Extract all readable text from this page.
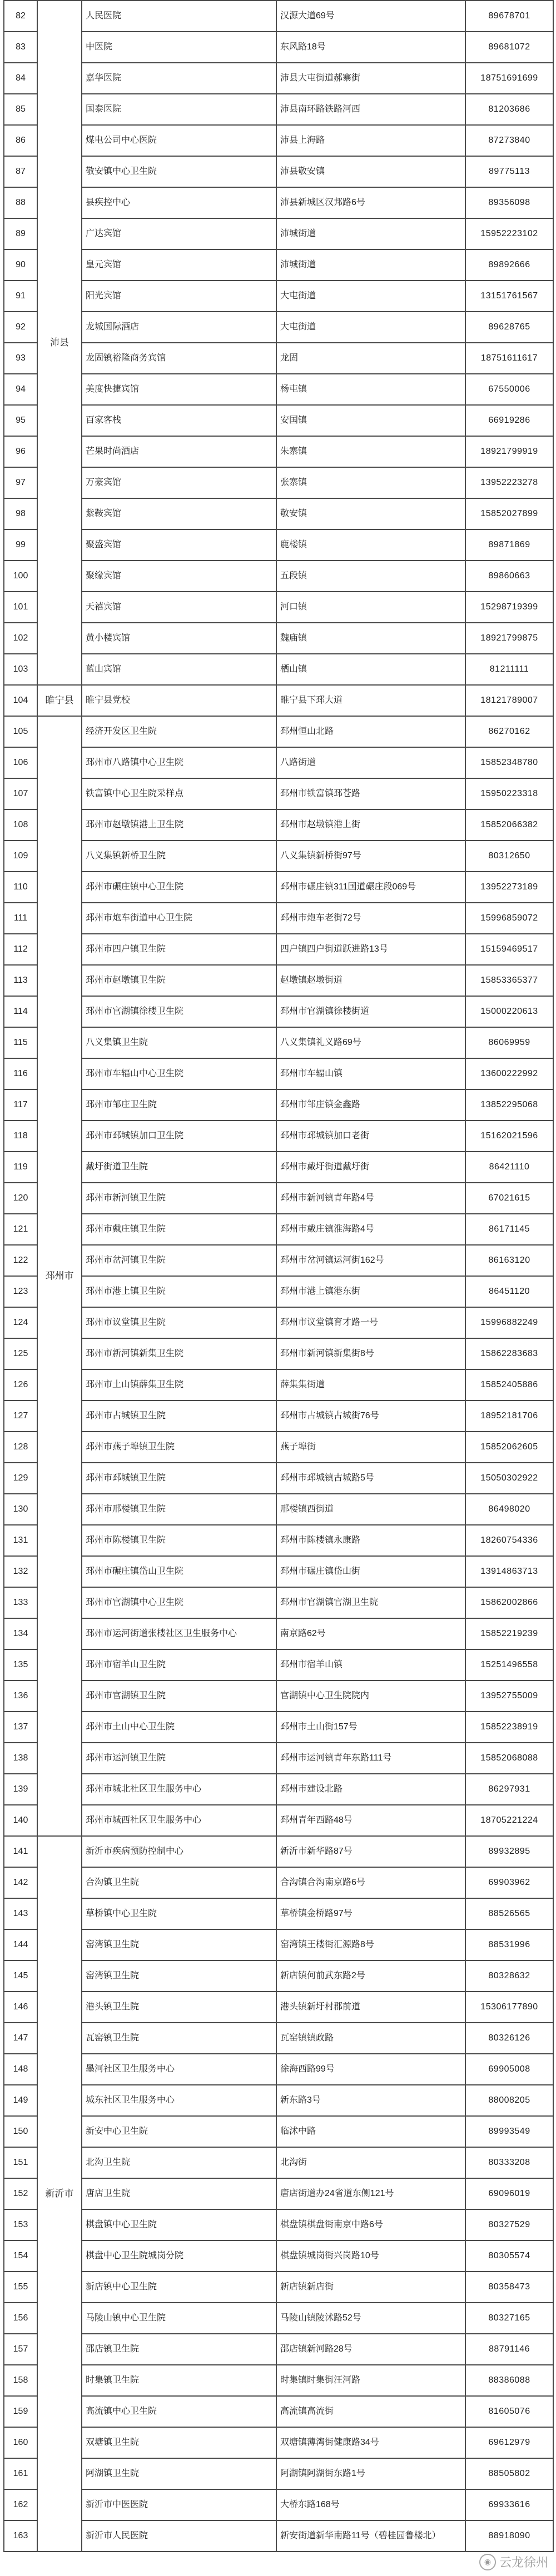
82	沛县	人民医院	汉源大道69号	89678701
83		中医院	东风路18号	89681072
84		嘉华医院	沛县大屯街道郝寨街	18751691699
85		国泰医院	沛县南环路铁路河西	81203686
86		煤电公司中心医院	沛县上海路	87273840
87		敬安镇中心卫生院	沛县敬安镇	89775113
88		县疾控中心	沛县新城区汉邦路6号	89356098
89		广达宾馆	沛城街道	15952223102
90		皇元宾馆	沛城街道	89892666
91		阳光宾馆	大屯街道	13151761567
92		龙城国际酒店	大屯街道	89628765
93		龙固镇裕隆商务宾馆	龙固	18751611617
94		美度快捷宾馆	杨屯镇	67550006
95		百家客栈	安国镇	66919286
96		芒果时尚酒店	朱寨镇	18921799919
97		万豪宾馆	张寨镇	13952223278
98		紫鞍宾馆	敬安镇	15852027899
99		聚盛宾馆	鹿楼镇	89871869
100		聚缘宾馆	五段镇	89860663
101		天禧宾馆	河口镇	15298719399
102		黄小楼宾馆	魏庙镇	18921799875
103		蓝山宾馆	栖山镇	81211111
104	睢宁县	睢宁县党校	睢宁县下邳大道	18121789007
105	邳州市	经济开发区卫生院	邳州恒山北路	86270162
106		邳州市八路镇中心卫生院	八路街道	15852348780
107		铁富镇中心卫生院采样点	邳州市铁富镇邳苍路	15950223318
108		邳州市赵墩镇港上卫生院	邳州市赵墩镇港上街	15852066382
109		八义集镇新桥卫生院	八义集镇新桥街97号	80312650
110		邳州市碾庄镇中心卫生院	邳州市碾庄镇311国道碾庄段069号	13952273189
111		邳州市炮车街道中心卫生院	邳州市炮车老街72号	15996859072
112		邳州市四户镇卫生院	四户镇四户街道跃进路13号	15159469517
113		邳州市赵墩镇卫生院	赵墩镇赵墩街道	15853365377
114		邳州市官湖镇徐楼卫生院	邳州市官湖镇徐楼街道	15000220613
115		八义集镇卫生院	八义集镇礼义路69号	86069959
116		邳州市车辐山中心卫生院	邳州市车辐山镇	13600222992
117		邳州市邹庄卫生院	邳州市邹庄镇金鑫路	13852295068
118		邳州市邳城镇加口卫生院	邳州市邳城镇加口老街	15162021596
119		戴圩街道卫生院	邳州市戴圩街道戴圩街	86421110
120		邳州市新河镇卫生院	邳州市新河镇青年路4号	67021615
121		邳州市戴庄镇卫生院	邳州市戴庄镇淮海路4号	86171145
122		邳州市岔河镇卫生院	邳州市岔河镇运河街162号	86163120
123		邳州市港上镇卫生院	邳州市港上镇港东街	86451120
124		邳州市议堂镇卫生院	邳州市议堂镇育才路一号	15996882249
125		邳州市新河镇新集卫生院	邳州市新河镇新集街8号	15862283683
126		邳州市土山镇薛集卫生院	薛集集街道	15852405886
127		邳州市占城镇卫生院	邳州市占城镇占城街76号	18952181706
128		邳州市燕子埠镇卫生院	燕子埠街	15852062605
129		邳州市邳城镇卫生院	邳州市邳城镇古城路5号	15050302922
130		邳州市邢楼镇卫生院	邢楼镇西街道	86498020
131		邳州市陈楼镇卫生院	邳州市陈楼镇永康路	18260754336
132		邳州市碾庄镇岱山卫生院	邳州市碾庄镇岱山街	13914863713
133		邳州市官湖镇中心卫生院	邳州市官湖镇官湖卫生院	15862002866
134		邳州市运河街道张楼社区卫生服务中心	南京路62号	15852219239
135		邳州市宿羊山卫生院	邳州市宿羊山镇	15251496558
136		邳州市官湖镇卫生院	官湖镇中心卫生院院内	13952755009
137		邳州市土山中心卫生院	邳州市土山街157号	15852238919
138		邳州市运河镇卫生院	邳州市运河镇青年东路111号	15852068088
139		邳州市城北社区卫生服务中心	邳州市建设北路	86297931
140		邳州市城西社区卫生服务中心	邳州青年西路48号	18705221224
141	新沂市	新沂市疾病预防控制中心	新沂市新华路87号	89932895
142		合沟镇卫生院	合沟镇合沟南京路6号	69903962
143		草桥镇中心卫生院	草桥镇金桥路97号	88526565
144		窑湾镇卫生院	窑湾镇王楼街汇源路8号	88531996
145		窑湾镇卫生院	新店镇何前武东路2号	80328632
146		港头镇卫生院	港头镇新圩村郡前道	15306177890
147		瓦窑镇卫生院	瓦窑镇镇政路	80326126
148		墨河社区卫生服务中心	徐海西路99号	69905008
149		城东社区卫生服务中心	新东路3号	88008205
150		新安中心卫生院	临沭中路	89993549
151		北沟卫生院	北沟街	80333208
152		唐店卫生院	唐店街道办24省道东侧121号	69096019
153		棋盘镇中心卫生院	棋盘镇棋盘街南京中路6号	80327529
154		棋盘中心卫生院城岗分院	棋盘镇城岗街兴岗路10号	80305574
155		新店镇中心卫生院	新店镇新店街	80358473
156		马陵山镇中心卫生院	马陵山镇陵沭路52号	80327165
157		邵店镇卫生院	邵店镇新河路28号	88791146
158		时集镇卫生院	时集镇时集街汪河路	88386088
159		高流镇中心卫生院	高流镇高流街	81605076
160		双塘镇卫生院	双塘镇薄湾街健康路34号	69612979
161		阿湖镇卫生院	阿湖镇阿湖街东路1号	88505802
162		新沂市中医医院	大桥东路168号	69933616
163		新沂市人民医院	新安街道新华南路11号（碧桂园鲁楼北）	88918090
◉ 云龙徐州
